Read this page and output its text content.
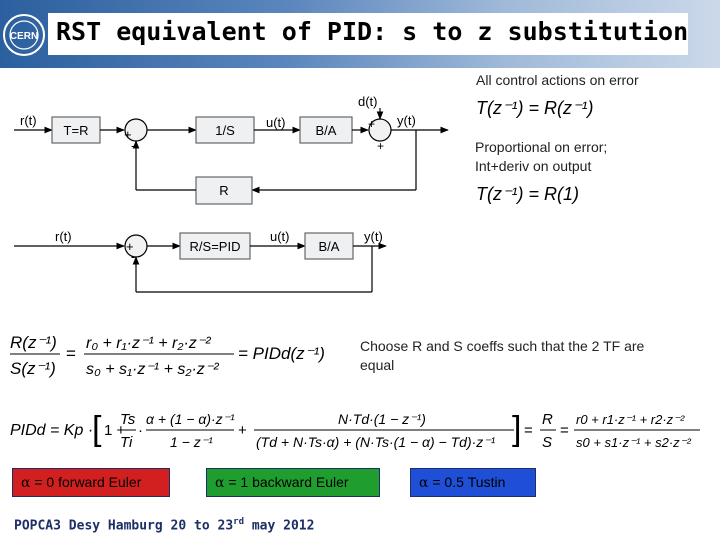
CERN RST equivalent of PID: s to z substitution
All control actions on error
Proportional on error; Int+deriv on output
Choose R and S coeffs such that the 2 TF are equal
T(z⁻¹) = R(z⁻¹)
T(z⁻¹) = R(1)
r(t)
T=R	+
-
1/S
u(t)
d(t)
B/A	+
+
y(t)
R
r(t)
+
-
R/S=PID
u(t)
B/A
y(t)
R(z⁻¹)
S(z⁻¹)
=
r₀ + r₁·z⁻¹ + r₂·z⁻²
s₀ + s₁·z⁻¹ + s₂·z⁻²
= PIDd(z⁻¹)
PIDd = Kp ·
[ 1 +
Ts
Ti
·
α + (1 − α)·z⁻¹
1 − z⁻¹
+
N·Td·(1 − z⁻¹)
(Td + N·Ts·α) + (N·Ts·(1 − α) − Td)·z⁻¹ ] =
R
S
=
r0 + r1·z⁻¹ + r2·z⁻²
s0 + s1·z⁻¹ + s2·z⁻²
α = 0 forward Euler	α = 1 backward Euler	α = 0.5 Tustin
POPCA3 Desy Hamburg 20 to 23rd may 2012
